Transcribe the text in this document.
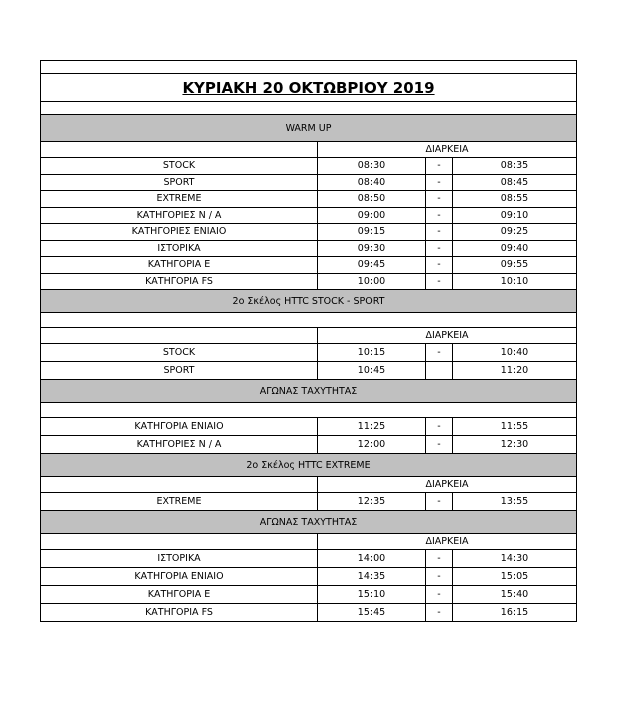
ΚΥΡΙΑΚΗ 20 ΟΚΤΩΒΡΙΟΥ 2019			

WARM UP			
	ΔΙΑΡΚΕΙΑ		
STOCK	08:30	-	08:35
SPORT	08:40	-	08:45
EXTREME	08:50	-	08:55
ΚΑΤΗΓΟΡΙΕΣ Ν / Α	09:00	-	09:10
ΚΑΤΗΓΟΡΙΕΣ ΕΝΙΑΙΟ	09:15	-	09:25
ΙΣΤΟΡΙΚΑ	09:30	-	09:40
ΚΑΤΗΓΟΡΙΑ Ε	09:45	-	09:55
ΚΑΤΗΓΟΡΙΑ FS	10:00	-	10:10
2ο Σκέλος HTTC STOCK - SPORT			

	ΔΙΑΡΚΕΙΑ		
STOCK	10:15	-	10:40
SPORT	10:45		11:20
ΑΓΩΝΑΣ ΤΑΧΥΤΗΤΑΣ			

ΚΑΤΗΓΟΡΙΑ ΕΝΙΑΙΟ	11:25	-	11:55
ΚΑΤΗΓΟΡΙΕΣ Ν / Α	12:00	-	12:30
2ο Σκέλος HTTC EXTREME			
	ΔΙΑΡΚΕΙΑ		
EXTREME	12:35	-	13:55
ΑΓΩΝΑΣ ΤΑΧΥΤΗΤΑΣ			
	ΔΙΑΡΚΕΙΑ		
ΙΣΤΟΡΙΚΑ	14:00	-	14:30
ΚΑΤΗΓΟΡΙΑ ΕΝΙΑΙΟ	14:35	-	15:05
ΚΑΤΗΓΟΡΙΑ Ε	15:10	-	15:40
ΚΑΤΗΓΟΡΙΑ FS	15:45	-	16:15
